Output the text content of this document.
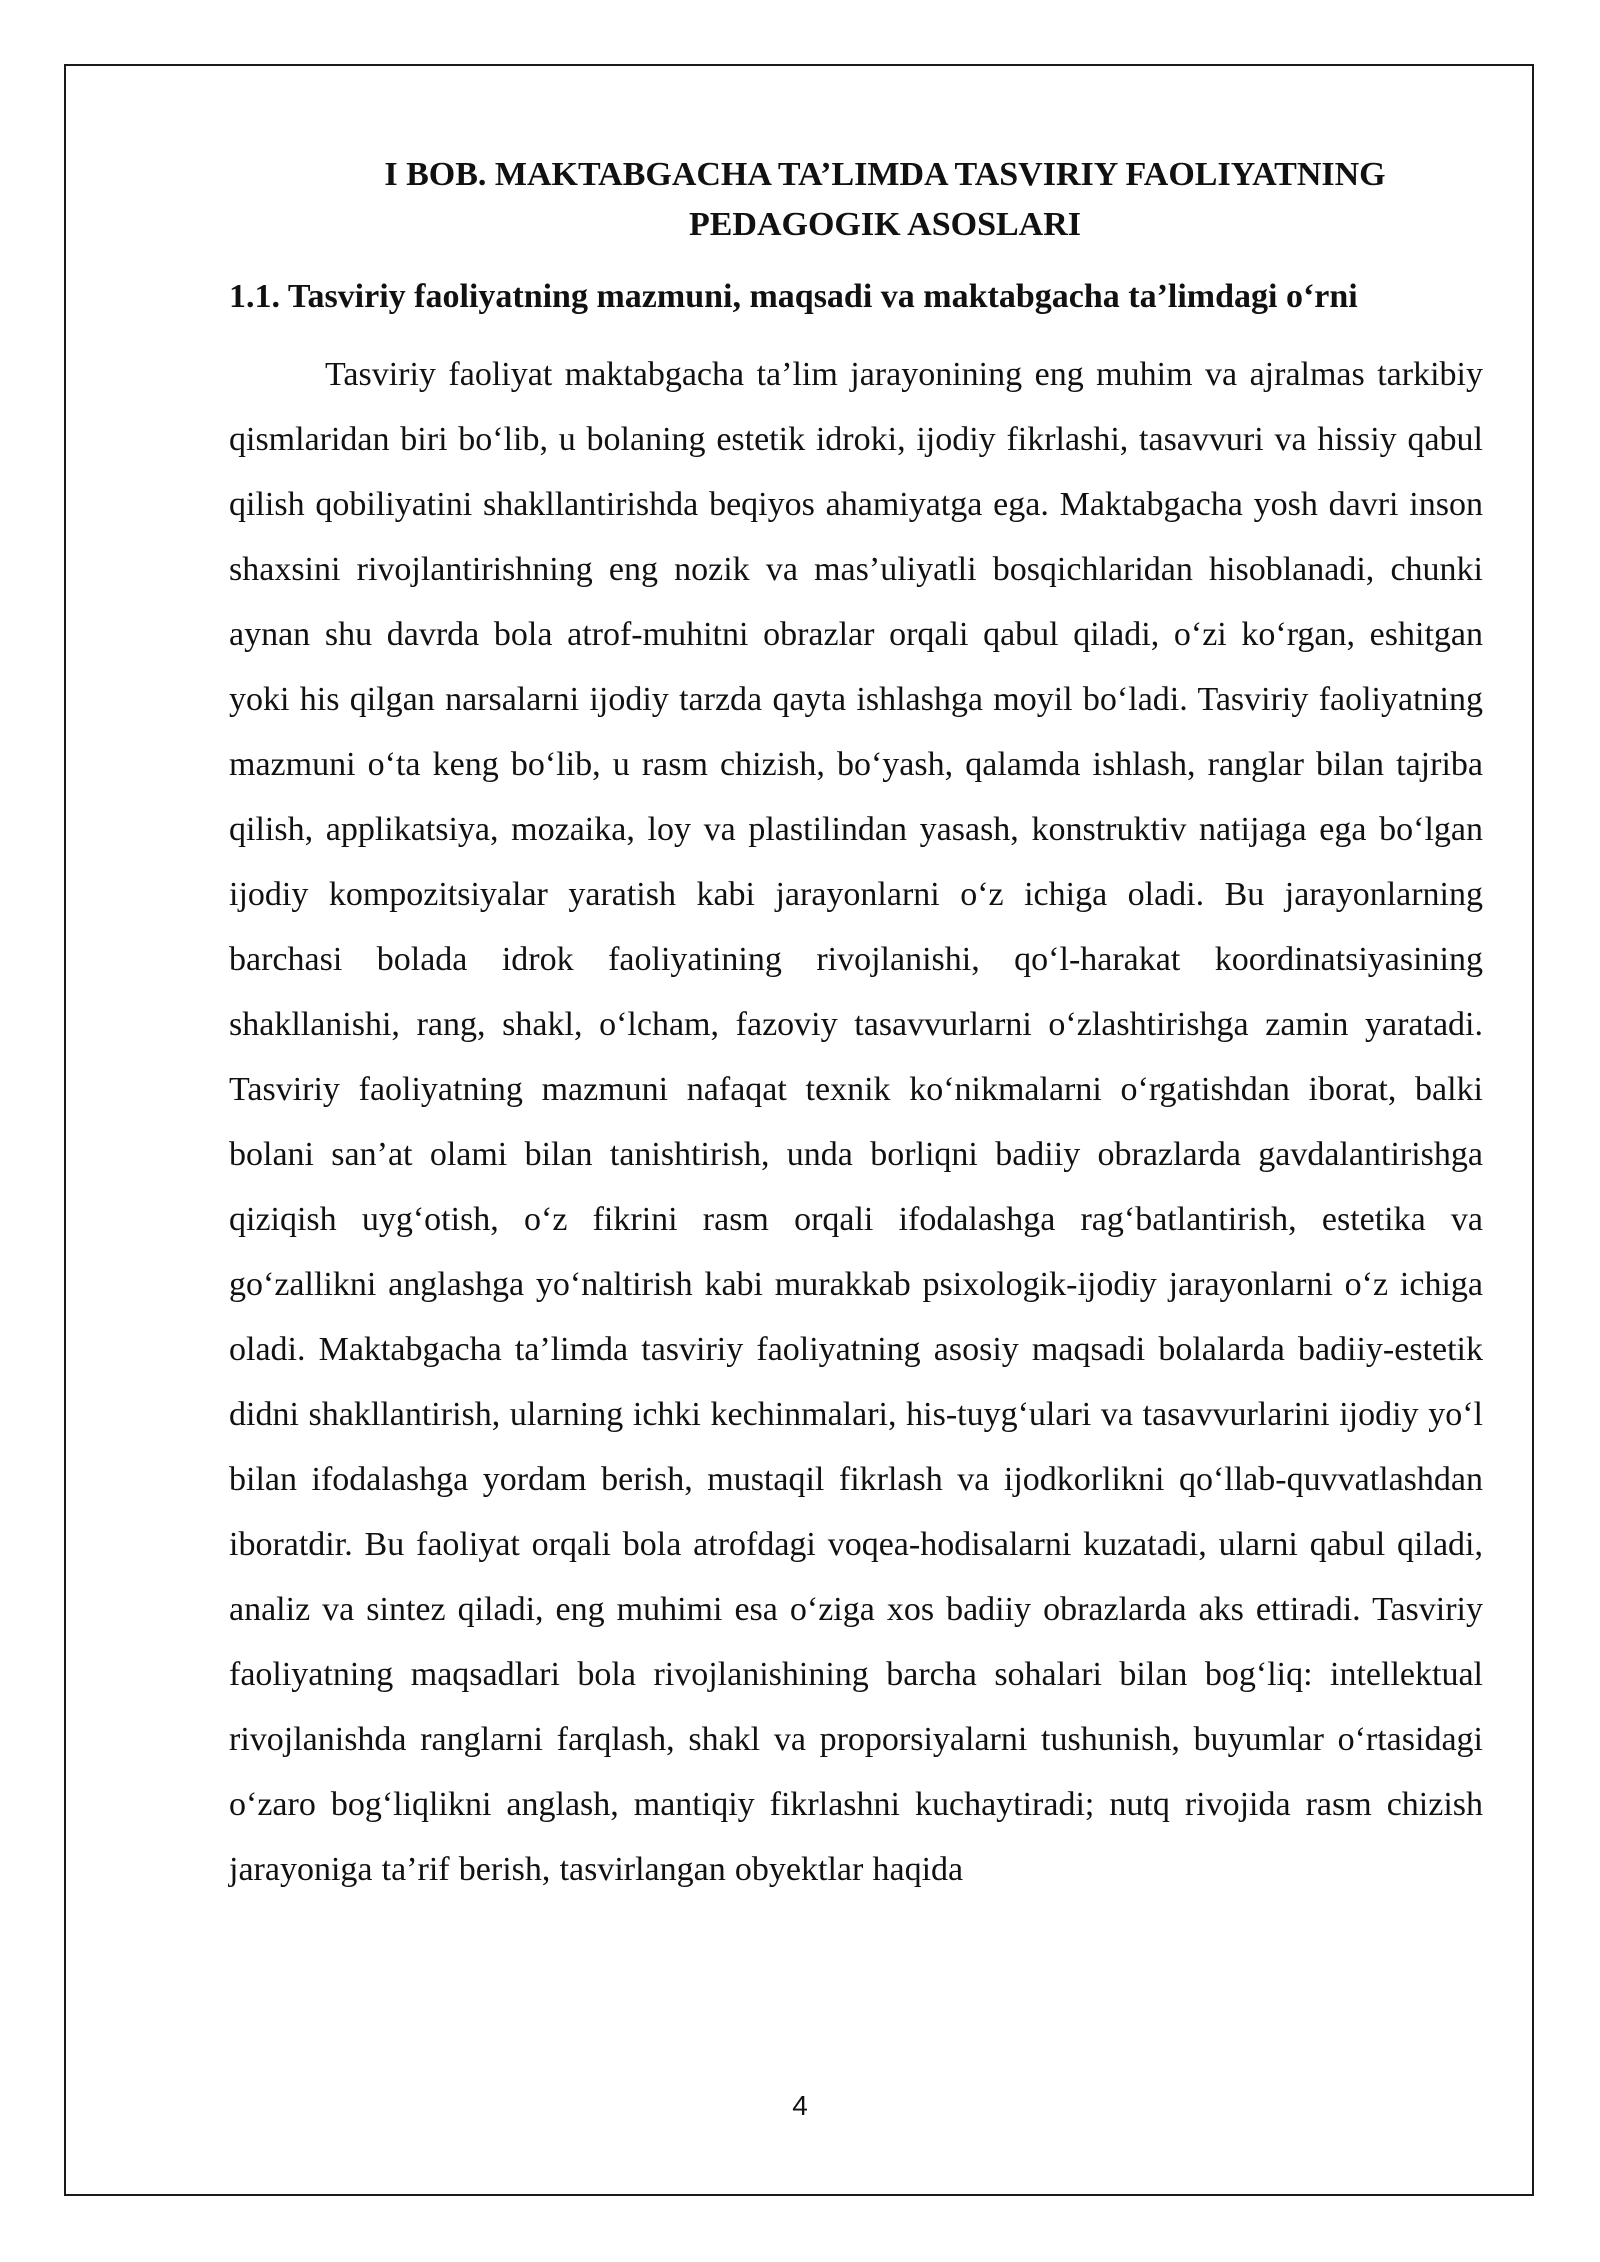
I BOB. MAKTABGACHA TA’LIMDA TASVIRIY FAOLIYATNING
PEDAGOGIK ASOSLARI
1.1. Tasviriy faoliyatning mazmuni, maqsadi va maktabgacha ta’limdagi o‘rni

Tasviriy faoliyat maktabgacha ta’lim jarayonining eng muhim va ajralmas tarkibiy qismlaridan biri bo‘lib, u bolaning estetik idroki, ijodiy fikrlashi, tasavvuri va hissiy qabul qilish qobiliyatini shakllantirishda beqiyos ahamiyatga ega. Maktabgacha yosh davri inson shaxsini rivojlantirishning eng nozik va mas’uliyatli bosqichlaridan hisoblanadi, chunki aynan shu davrda bola atrof-muhitni obrazlar orqali qabul qiladi, o‘zi ko‘rgan, eshitgan yoki his qilgan narsalarni ijodiy tarzda qayta ishlashga moyil bo‘ladi. Tasviriy faoliyatning mazmuni o‘ta keng bo‘lib, u rasm chizish, bo‘yash, qalamda ishlash, ranglar bilan tajriba qilish, applikatsiya, mozaika, loy va plastilindan yasash, konstruktiv natijaga ega bo‘lgan ijodiy kompozitsiyalar yaratish kabi jarayonlarni o‘z ichiga oladi. Bu jarayonlarning barchasi bolada idrok faoliyatining rivojlanishi, qo‘l-harakat koordinatsiyasining shakllanishi, rang, shakl, o‘lcham, fazoviy tasavvurlarni o‘zlashtirishga zamin yaratadi. Tasviriy faoliyatning mazmuni nafaqat texnik ko‘nikmalarni o‘rgatishdan iborat, balki bolani san’at olami bilan tanishtirish, unda borliqni badiiy obrazlarda gavdalantirishga qiziqish uyg‘otish, o‘z fikrini rasm orqali ifodalashga rag‘batlantirish, estetika va go‘zallikni anglashga yo‘naltirish kabi murakkab psixologik-ijodiy jarayonlarni o‘z ichiga oladi. Maktabgacha ta’limda tasviriy faoliyatning asosiy maqsadi bolalarda badiiy-estetik didni shakllantirish, ularning ichki kechinmalari, his-tuyg‘ulari va tasavvurlarini ijodiy yo‘l bilan ifodalashga yordam berish, mustaqil fikrlash va ijodkorlikni qo‘llab-quvvatlashdan iboratdir. Bu faoliyat orqali bola atrofdagi voqea-hodisalarni kuzatadi, ularni qabul qiladi, analiz va sintez qiladi, eng muhimi esa o‘ziga xos badiiy obrazlarda aks ettiradi. Tasviriy faoliyatning maqsadlari bola rivojlanishining barcha sohalari bilan bog‘liq: intellektual rivojlanishda ranglarni farqlash, shakl va proporsiyalarni tushunish, buyumlar o‘rtasidagi o‘zaro bog‘liqlikni anglash, mantiqiy fikrlashni kuchaytiradi; nutq rivojida rasm chizish jarayoniga ta’rif berish, tasvirlangan obyektlar haqida

4
